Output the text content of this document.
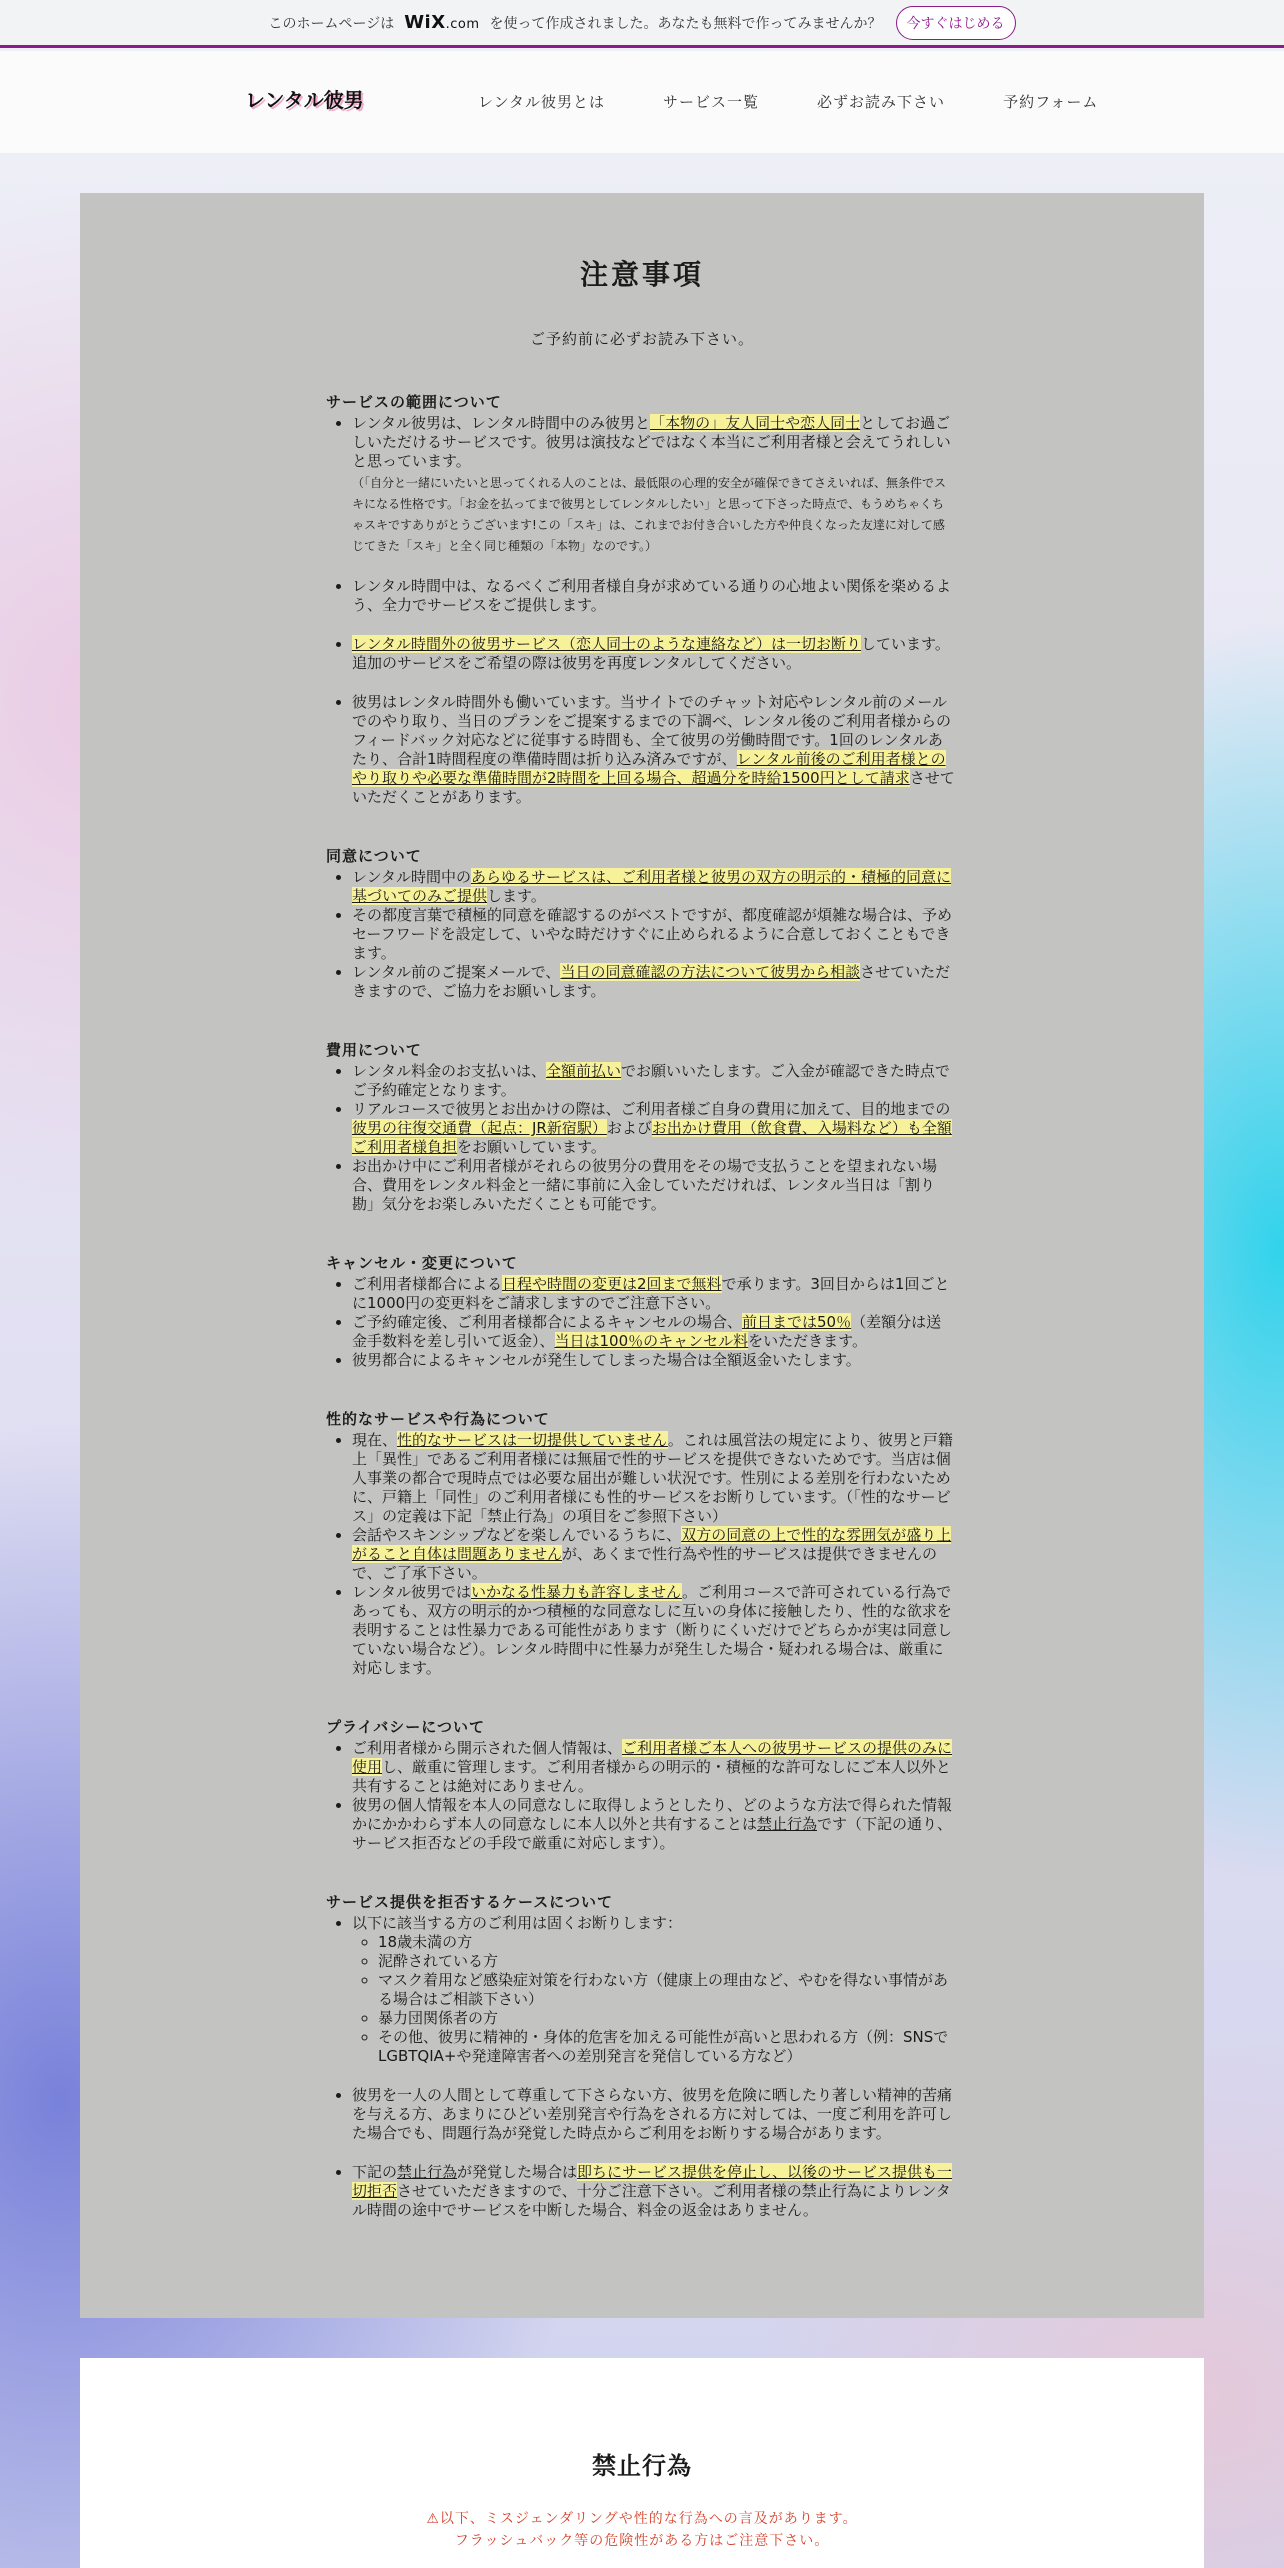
このホームページは WiX.com を使って作成されました。あなたも無料で作ってみませんか？	今すぐはじめる
レンタル彼男	レンタル彼男とは	サービス一覧	必ずお読み下さい	予約フォーム
注意事項
ご予約前に必ずお読み下さい。
サービスの範囲について
• レンタル彼男は、レンタル時間中のみ彼男と「本物の」友人同士や恋人同士としてお過ごしいただけるサービスです。彼男は演技などではなく本当にご利用者様と会えてうれしいと思っています。
（「自分と一緒にいたいと思ってくれる人のことは、最低限の心理的安全が確保できてさえいれば、無条件でスキになる性格です。「お金を払ってまで彼男としてレンタルしたい」と思って下さった時点で、もうめちゃくちゃスキですありがとうございます!この「スキ」は、これまでお付き合いした方や仲良くなった友達に対して感じてきた「スキ」と全く同じ種類の「本物」なのです。）
• レンタル時間中は、なるべくご利用者様自身が求めている通りの心地よい関係を楽めるよう、全力でサービスをご提供します。
• レンタル時間外の彼男サービス（恋人同士のような連絡など）は一切お断りしています。追加のサービスをご希望の際は彼男を再度レンタルしてください。
• 彼男はレンタル時間外も働いています。当サイトでのチャット対応やレンタル前のメールでのやり取り、当日のプランをご提案するまでの下調べ、レンタル後のご利用者様からのフィードバック対応などに従事する時間も、全て彼男の労働時間です。1回のレンタルあたり、合計1時間程度の準備時間は折り込み済みですが、レンタル前後のご利用者様とのやり取りや必要な準備時間が2時間を上回る場合、超過分を時給1500円として請求させていただくことがあります。
同意について
• レンタル時間中のあらゆるサービスは、ご利用者様と彼男の双方の明示的・積極的同意に基づいてのみご提供します。
• その都度言葉で積極的同意を確認するのがベストですが、都度確認が煩雑な場合は、予めセーフワードを設定して、いやな時だけすぐに止められるように合意しておくこともできます。
• レンタル前のご提案メールで、当日の同意確認の方法について彼男から相談させていただきますので、ご協力をお願いします。
費用について
• レンタル料金のお支払いは、全額前払いでお願いいたします。ご入金が確認できた時点でご予約確定となります。
• リアルコースで彼男とお出かけの際は、ご利用者様ご自身の費用に加えて、目的地までの彼男の往復交通費（起点：JR新宿駅）およびお出かけ費用（飲食費、入場料など）も全額ご利用者様負担をお願いしています。
• お出かけ中にご利用者様がそれらの彼男分の費用をその場で支払うことを望まれない場合、費用をレンタル料金と一緒に事前に入金していただければ、レンタル当日は「割り勘」気分をお楽しみいただくことも可能です。
キャンセル・変更について
• ご利用者様都合による日程や時間の変更は2回まで無料で承ります。3回目からは1回ごとに1000円の変更料をご請求しますのでご注意下さい。
• ご予約確定後、ご利用者様都合によるキャンセルの場合、前日までは50％（差額分は送金手数料を差し引いて返金）、当日は100％のキャンセル料をいただきます。
• 彼男都合によるキャンセルが発生してしまった場合は全額返金いたします。
性的なサービスや行為について
• 現在、性的なサービスは一切提供していません。これは風営法の規定により、彼男と戸籍上「異性」であるご利用者様には無届で性的サービスを提供できないためです。当店は個人事業の都合で現時点では必要な届出が難しい状況です。性別による差別を行わないために、戸籍上「同性」のご利用者様にも性的サービスをお断りしています。（「性的なサービス」の定義は下記「禁止行為」の項目をご参照下さい）
• 会話やスキンシップなどを楽しんでいるうちに、双方の同意の上で性的な雰囲気が盛り上がること自体は問題ありませんが、あくまで性行為や性的サービスは提供できませんので、ご了承下さい。
• レンタル彼男ではいかなる性暴力も許容しません。ご利用コースで許可されている行為であっても、双方の明示的かつ積極的な同意なしに互いの身体に接触したり、性的な欲求を表明することは性暴力である可能性があります（断りにくいだけでどちらかが実は同意していない場合など）。レンタル時間中に性暴力が発生した場合・疑われる場合は、厳重に対応します。
プライバシーについて
• ご利用者様から開示された個人情報は、ご利用者様ご本人への彼男サービスの提供のみに使用し、厳重に管理します。ご利用者様からの明示的・積極的な許可なしにご本人以外と共有することは絶対にありません。
• 彼男の個人情報を本人の同意なしに取得しようとしたり、どのような方法で得られた情報かにかかわらず本人の同意なしに本人以外と共有することは禁止行為です（下記の通り、サービス拒否などの手段で厳重に対応します）。
サービス提供を拒否するケースについて
• 以下に該当する方のご利用は固くお断りします：
◦ 18歳未満の方
◦ 泥酔されている方
◦ マスク着用など感染症対策を行わない方（健康上の理由など、やむを得ない事情がある場合はご相談下さい）
◦ 暴力団関係者の方
◦ その他、彼男に精神的・身体的危害を加える可能性が高いと思われる方（例：SNSでLGBTQIA+や発達障害者への差別発言を発信している方など）
• 彼男を一人の人間として尊重して下さらない方、彼男を危険に晒したり著しい精神的苦痛を与える方、あまりにひどい差別発言や行為をされる方に対しては、一度ご利用を許可した場合でも、問題行為が発覚した時点からご利用をお断りする場合があります。
• 下記の禁止行為が発覚した場合は即ちにサービス提供を停止し、以後のサービス提供も一切拒否させていただきますので、十分ご注意下さい。ご利用者様の禁止行為によりレンタル時間の途中でサービスを中断した場合、料金の返金はありません。
禁止行為
⚠以下、ミスジェンダリングや性的な行為への言及があります。
フラッシュバック等の危険性がある方はご注意下さい。
